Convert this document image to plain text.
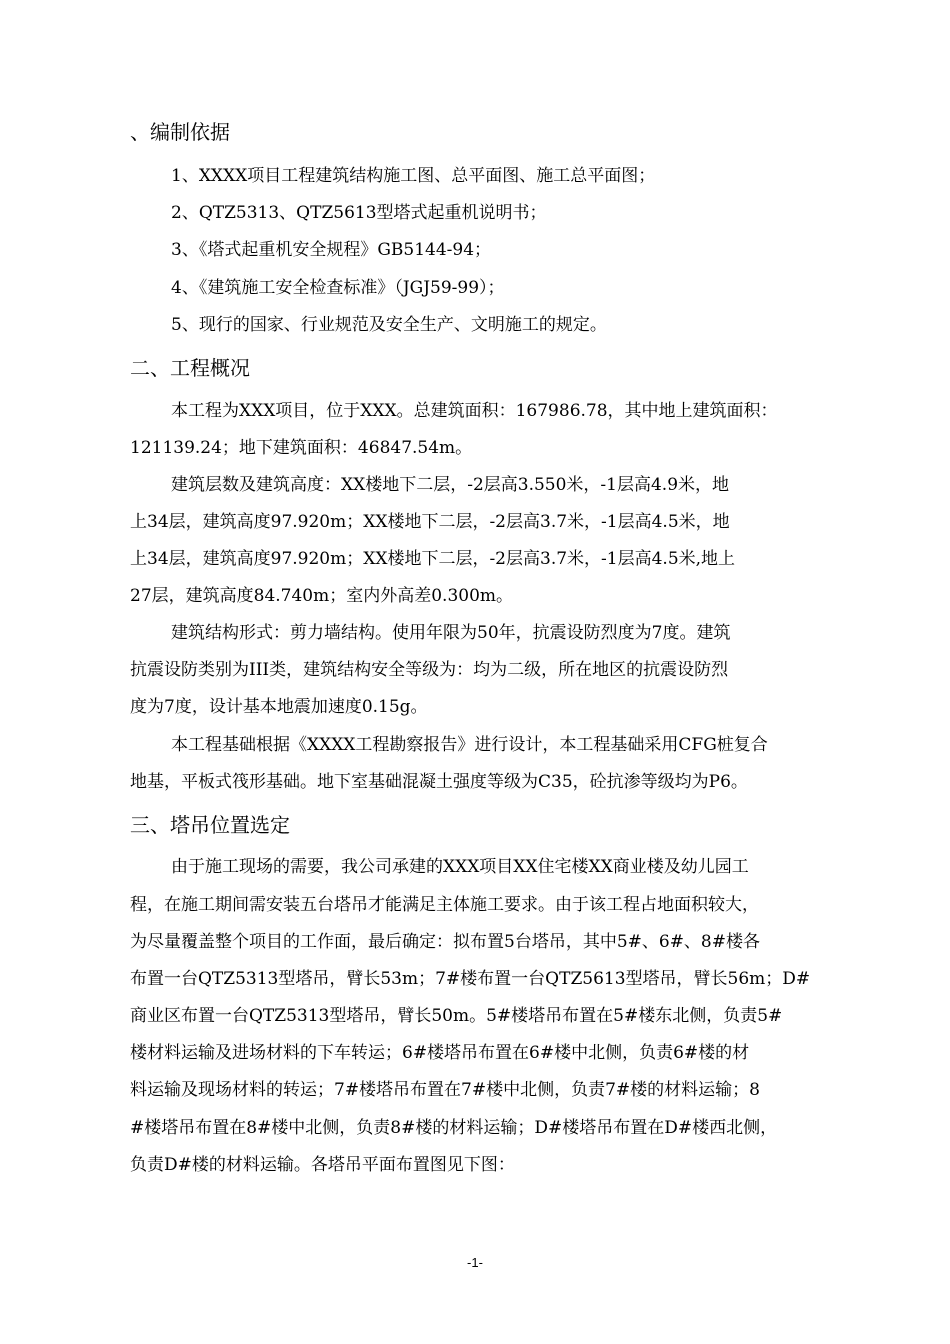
、编制依据
1、XXXX项目工程建筑结构施工图、总平面图、施工总平面图；
2、QTZ5313、QTZ5613型塔式起重机说明书；
3、《塔式起重机安全规程》GB5144-94；
4、《建筑施工安全检查标准》（JGJ59-99）；
5、现行的国家、行业规范及安全生产、文明施工的规定。
二、工程概况
本工程为XXX项目，位于XXX。总建筑面积：167986.78，其中地上建筑面积：
121139.24；地下建筑面积：46847.54m。
建筑层数及建筑高度：XX楼地下二层，-2层高3.550米，-1层高4.9米，地
上34层，建筑高度97.920m；XX楼地下二层，-2层高3.7米，-1层高4.5米，地
上34层，建筑高度97.920m；XX楼地下二层，-2层高3.7米，-1层高4.5米,地上
27层，建筑高度84.740m；室内外高差0.300m。
建筑结构形式：剪力墙结构。使用年限为50年，抗震设防烈度为7度。建筑
抗震设防类别为III类，建筑结构安全等级为：均为二级，所在地区的抗震设防烈
度为7度，设计基本地震加速度0.15g。
本工程基础根据《XXXX工程勘察报告》进行设计，本工程基础采用CFG桩复合
地基，平板式筏形基础。地下室基础混凝土强度等级为C35，砼抗渗等级均为P6。
三、塔吊位置选定
由于施工现场的需要，我公司承建的XXX项目XX住宅楼XX商业楼及幼儿园工
程，在施工期间需安装五台塔吊才能满足主体施工要求。由于该工程占地面积较大，
为尽量覆盖整个项目的工作面，最后确定：拟布置5台塔吊，其中5#、6#、8#楼各
布置一台QTZ5313型塔吊，臂长53m；7#楼布置一台QTZ5613型塔吊，臂长56m；D#
商业区布置一台QTZ5313型塔吊，臂长50m。5#楼塔吊布置在5#楼东北侧，负责5#
楼材料运输及进场材料的下车转运；6#楼塔吊布置在6#楼中北侧，负责6#楼的材
料运输及现场材料的转运；7#楼塔吊布置在7#楼中北侧，负责7#楼的材料运输；8
#楼塔吊布置在8#楼中北侧，负责8#楼的材料运输；D#楼塔吊布置在D#楼西北侧，
负责D#楼的材料运输。各塔吊平面布置图见下图：
-1-
